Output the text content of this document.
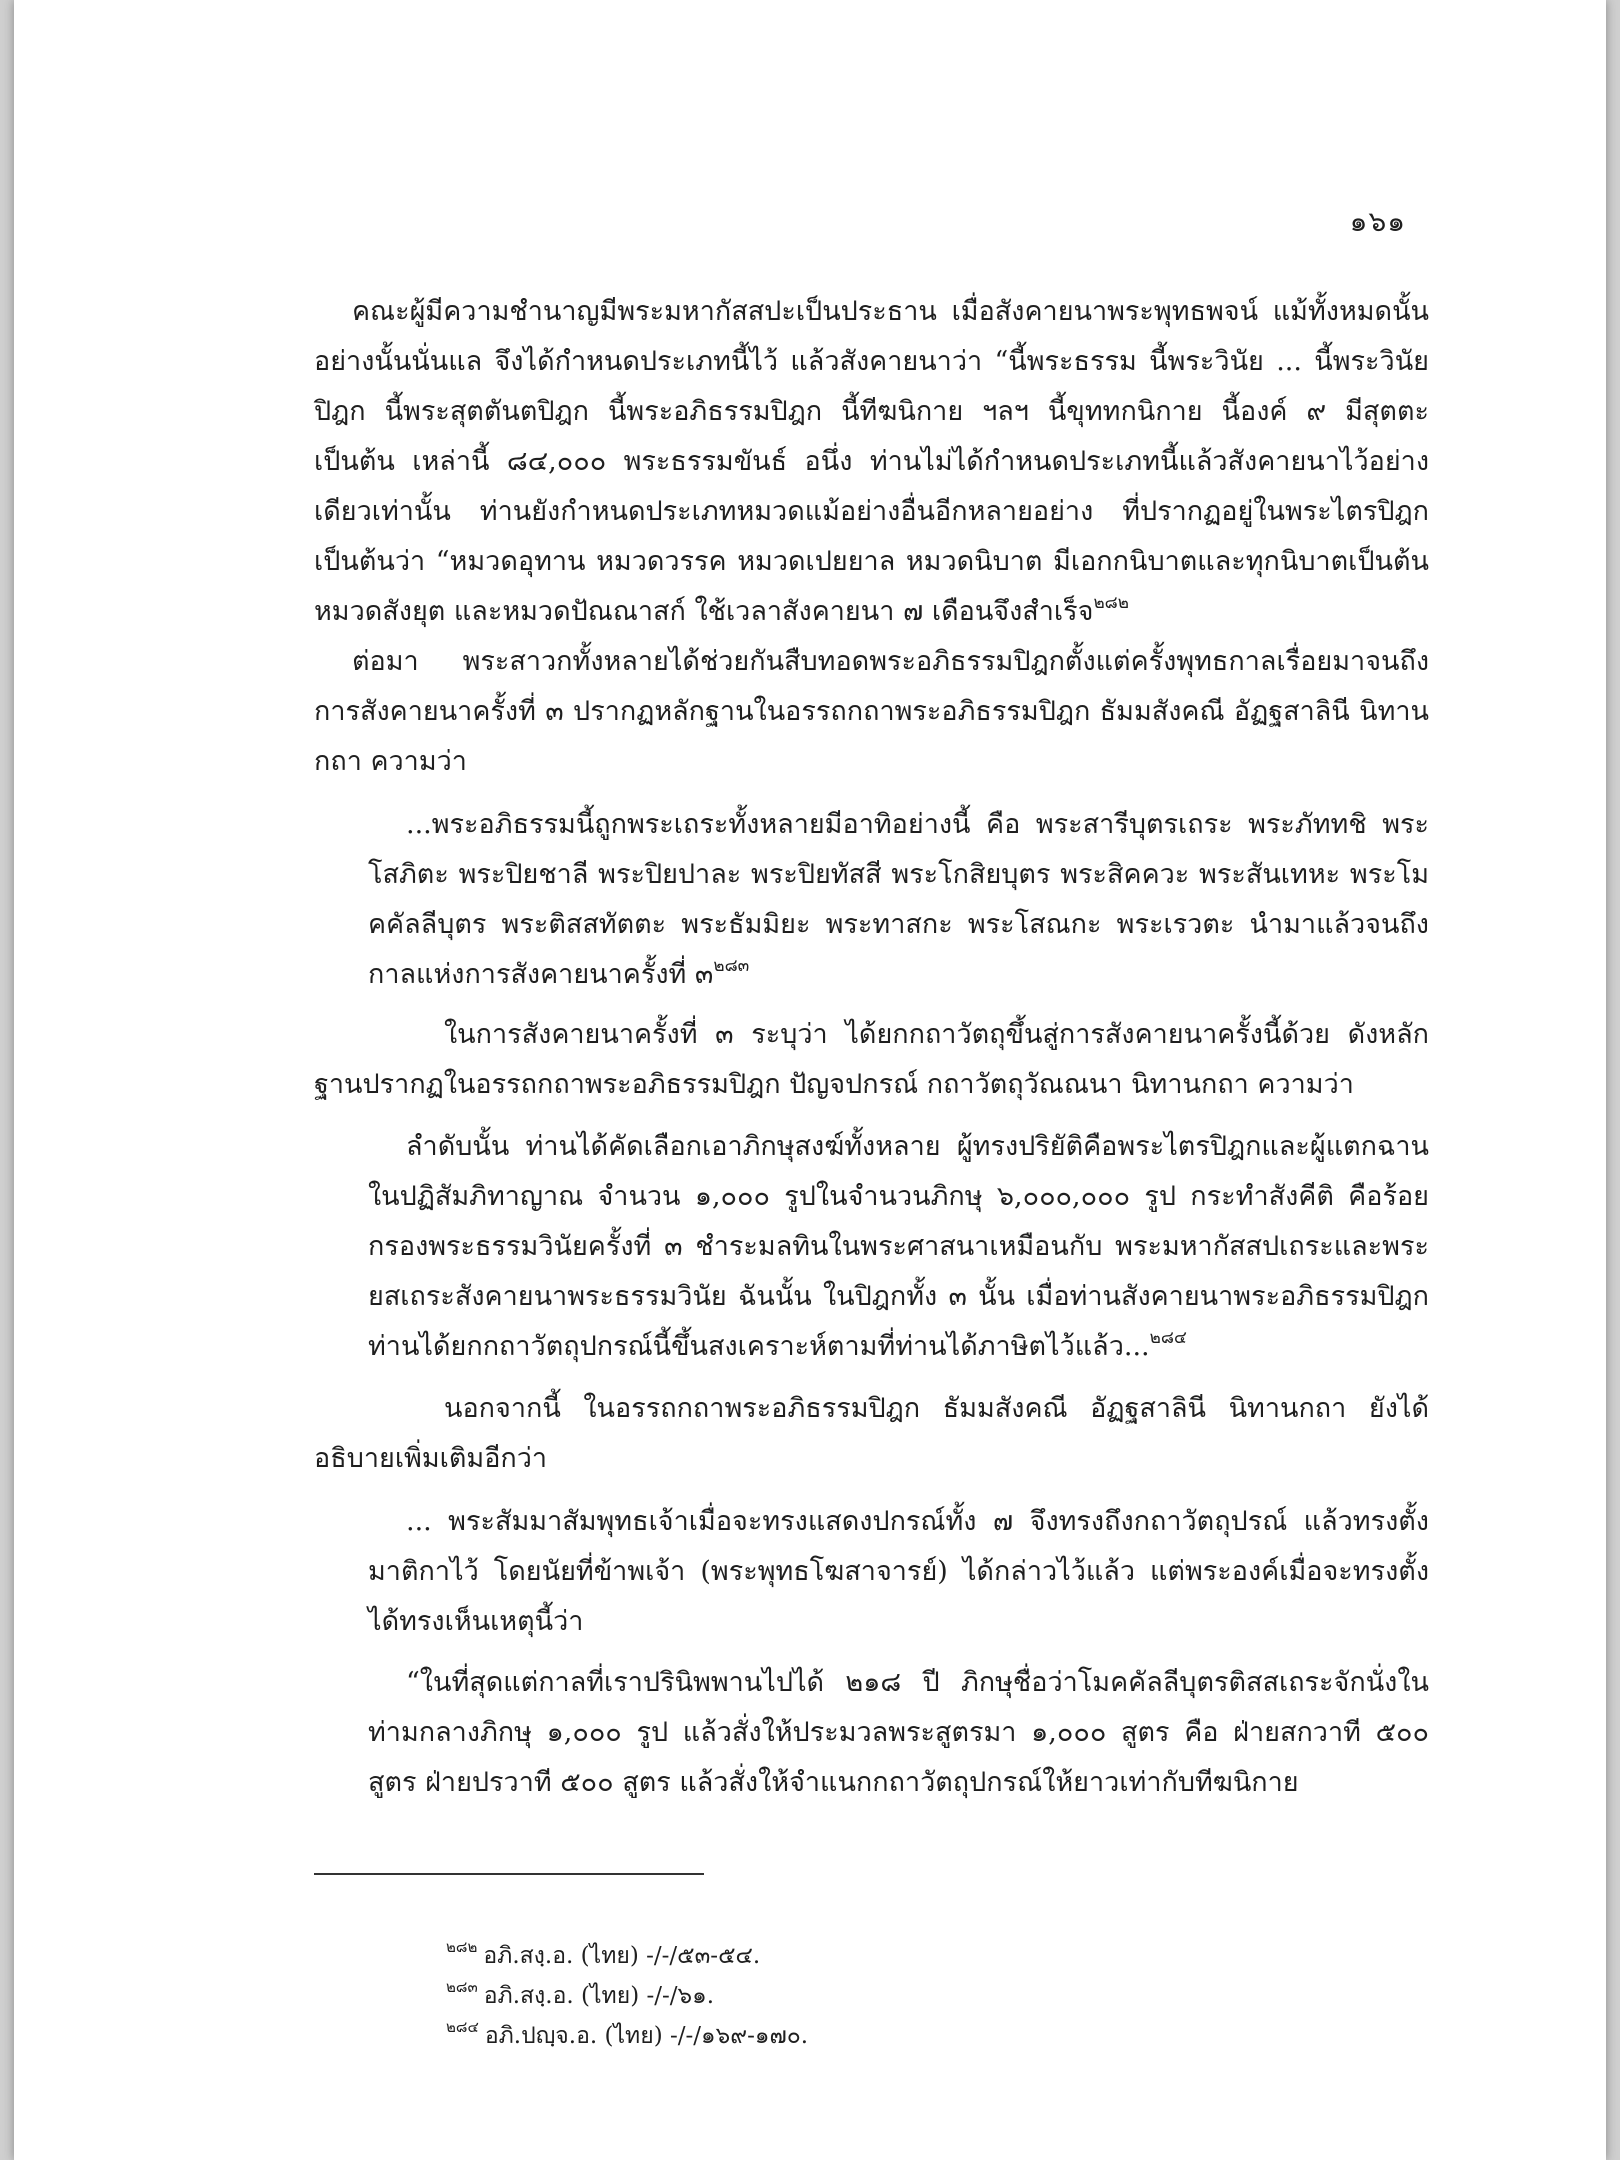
๑๖๑

คณะผู้มีความชำนาญมีพระมหากัสสปะเป็นประธาน เมื่อสังคายนาพระพุทธพจน์ แม้ทั้งหมดนั้น อย่างนั้นนั่นแล จึงได้กำหนดประเภทนี้ไว้ แล้วสังคายนาว่า “นี้พระธรรม นี้พระวินัย ... นี้พระวินัยปิฎก นี้พระสุตตันตปิฎก นี้พระอภิธรรมปิฎก นี้ทีฆนิกาย ฯลฯ นี้ขุททกนิกาย นี้องค์ ๙ มีสุตตะ เป็นต้น เหล่านี้ ๘๔,๐๐๐ พระธรรมขันธ์ อนึ่ง ท่านไม่ได้กำหนดประเภทนี้แล้วสังคายนาไว้อย่างเดียวเท่านั้น ท่านยังกำหนดประเภทหมวดแม้อย่างอื่นอีกหลายอย่าง ที่ปรากฏอยู่ในพระไตรปิฎกเป็นต้นว่า “หมวดอุทาน หมวดวรรค หมวดเปยยาล หมวดนิบาต มีเอกกนิบาตและทุกนิบาตเป็นต้น หมวดสังยุต และหมวดปัณณาสก์ ใช้เวลาสังคายนา ๗ เดือนจึงสำเร็จ$^{๒๘๒}$

ต่อมา พระสาวกทั้งหลายได้ช่วยกันสืบทอดพระอภิธรรมปิฎกตั้งแต่ครั้งพุทธกาลเรื่อยมาจนถึงการสังคายนาครั้งที่ ๓ ปรากฏหลักฐานในอรรถกถาพระอภิธรรมปิฎก ธัมมสังคณี อัฏฐสาลินี นิทานกถา ความว่า

...พระอภิธรรมนี้ถูกพระเถระทั้งหลายมีอาทิอย่างนี้ คือ พระสารีบุตรเถระ พระภัททชิ พระโสภิตะ พระปิยชาลี พระปิยปาละ พระปิยทัสสี พระโกสิยบุตร พระสิคควะ พระสันเทหะ พระโมคคัลลีบุตร พระติสสทัตตะ พระธัมมิยะ พระทาสกะ พระโสณกะ พระเรวตะ นำมาแล้วจนถึงกาลแห่งการสังคายนาครั้งที่ ๓$^{๒๘๓}$

ในการสังคายนาครั้งที่ ๓ ระบุว่า ได้ยกกถาวัตถุขึ้นสู่การสังคายนาครั้งนี้ด้วย ดังหลักฐานปรากฏในอรรถกถาพระอภิธรรมปิฎก ปัญจปกรณ์ กถาวัตถุวัณณนา นิทานกถา ความว่า

ลำดับนั้น ท่านได้คัดเลือกเอาภิกษุสงฆ์ทั้งหลาย ผู้ทรงปริยัติคือพระไตรปิฎกและผู้แตกฉานในปฏิสัมภิทาญาณ จำนวน ๑,๐๐๐ รูปในจำนวนภิกษุ ๖,๐๐๐,๐๐๐ รูป กระทำสังคีติ คือร้อยกรองพระธรรมวินัยครั้งที่ ๓ ชำระมลทินในพระศาสนาเหมือนกับ พระมหากัสสปเถระและพระยสเถระสังคายนาพระธรรมวินัย ฉันนั้น ในปิฎกทั้ง ๓ นั้น เมื่อท่านสังคายนาพระอภิธรรมปิฎกท่านได้ยกกถาวัตถุปกรณ์นี้ขึ้นสงเคราะห์ตามที่ท่านได้ภาษิตไว้แล้ว...$^{๒๘๔}$

นอกจากนี้ ในอรรถกถาพระอภิธรรมปิฎก ธัมมสังคณี อัฏฐสาลินี นิทานกถา ยังได้อธิบายเพิ่มเติมอีกว่า

... พระสัมมาสัมพุทธเจ้าเมื่อจะทรงแสดงปกรณ์ทั้ง ๗ จึงทรงถึงกถาวัตถุปรณ์ แล้วทรงตั้งมาติกาไว้ โดยนัยที่ข้าพเจ้า (พระพุทธโฆสาจารย์) ได้กล่าวไว้แล้ว แต่พระองค์เมื่อจะทรงตั้ง ได้ทรงเห็นเหตุนี้ว่า

“ในที่สุดแต่กาลที่เราปรินิพพานไปได้ ๒๑๘ ปี ภิกษุชื่อว่าโมคคัลลีบุตรติสสเถระจักนั่งในท่ามกลางภิกษุ ๑,๐๐๐ รูป แล้วสั่งให้ประมวลพระสูตรมา ๑,๐๐๐ สูตร คือ ฝ่ายสกวาที ๕๐๐ สูตร ฝ่ายปรวาที ๕๐๐ สูตร แล้วสั่งให้จำแนกกถาวัตถุปกรณ์ให้ยาวเท่ากับทีฆนิกาย

$^{๒๘๒}$ อภิ.สงฺ.อ. (ไทย) -/-/๕๓-๕๔.
$^{๒๘๓}$ อภิ.สงฺ.อ. (ไทย) -/-/๖๑.
$^{๒๘๔}$ อภิ.ปญฺจ.อ. (ไทย) -/-/๑๖๙-๑๗๐.
